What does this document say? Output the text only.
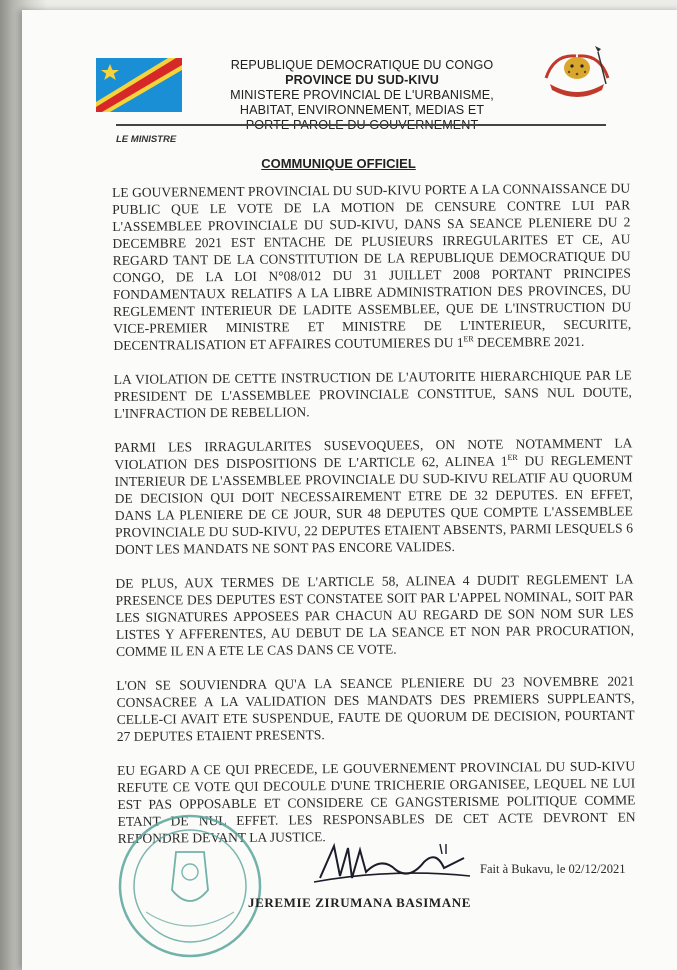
REPUBLIQUE DEMOCRATIQUE DU CONGO
PROVINCE DU SUD-KIVU
MINISTERE PROVINCIAL DE L'URBANISME,
HABITAT, ENVIRONNEMENT, MEDIAS ET
LE MINISTRE
COMMUNIQUE OFFICIEL

LE GOUVERNEMENT PROVINCIAL DU SUD-KIVU PORTE A LA CONNAISSANCE DU PUBLIC QUE LE VOTE DE LA MOTION DE CENSURE CONTRE LUI PAR L'ASSEMBLEE PROVINCIALE DU SUD-KIVU, DANS SA SEANCE PLENIERE DU 2 DECEMBRE 2021 EST ENTACHE DE PLUSIEURS IRREGULARITES ET CE, AU REGARD TANT DE LA CONSTITUTION DE LA REPUBLIQUE DEMOCRATIQUE DU CONGO, DE LA LOI N°08/012 DU 31 JUILLET 2008 PORTANT PRINCIPES FONDAMENTAUX RELATIFS A LA LIBRE ADMINISTRATION DES PROVINCES, DU REGLEMENT INTERIEUR DE LADITE ASSEMBLEE, QUE DE L'INSTRUCTION DU VICE-PREMIER MINISTRE ET MINISTRE DE L'INTERIEUR, SECURITE, DECENTRALISATION ET AFFAIRES COUTUMIERES DU 1ER DECEMBRE 2021.

LA VIOLATION DE CETTE INSTRUCTION DE L'AUTORITE HIERARCHIQUE PAR LE PRESIDENT DE L'ASSEMBLEE PROVINCIALE CONSTITUE, SANS NUL DOUTE, L'INFRACTION DE REBELLION.

PARMI LES IRRAGULARITES SUSEVOQUEES, ON NOTE NOTAMMENT LA VIOLATION DES DISPOSITIONS DE L'ARTICLE 62, ALINEA 1ER DU REGLEMENT INTERIEUR DE L'ASSEMBLEE PROVINCIALE DU SUD-KIVU RELATIF AU QUORUM DE DECISION QUI DOIT NECESSAIREMENT ETRE DE 32 DEPUTES. EN EFFET, DANS LA PLENIERE DE CE JOUR, SUR 48 DEPUTES QUE COMPTE L'ASSEMBLEE PROVINCIALE DU SUD-KIVU, 22 DEPUTES ETAIENT ABSENTS, PARMI LESQUELS 6 DONT LES MANDATS NE SONT PAS ENCORE VALIDES.

DE PLUS, AUX TERMES DE L'ARTICLE 58, ALINEA 4 DUDIT REGLEMENT LA PRESENCE DES DEPUTES EST CONSTATEE SOIT PAR L'APPEL NOMINAL, SOIT PAR LES SIGNATURES APPOSEES PAR CHACUN AU REGARD DE SON NOM SUR LES LISTES Y AFFERENTES, AU DEBUT DE LA SEANCE ET NON PAR PROCURATION, COMME IL EN A ETE LE CAS DANS CE VOTE.

L'ON SE SOUVIENDRA QU'A LA SEANCE PLENIERE DU 23 NOVEMBRE 2021 CONSACREE A LA VALIDATION DES MANDATS DES PREMIERS SUPPLEANTS, CELLE-CI AVAIT ETE SUSPENDUE, FAUTE DE QUORUM DE DECISION, POURTANT 27 DEPUTES ETAIENT PRESENTS.

EU EGARD A CE QUI PRECEDE, LE GOUVERNEMENT PROVINCIAL DU SUD-KIVU REFUTE CE VOTE QUI DECOULE D'UNE TRICHERIE ORGANISEE, LEQUEL NE LUI EST PAS OPPOSABLE ET CONSIDERE CE GANGSTERISME POLITIQUE COMME ETANT DE NUL EFFET. LES RESPONSABLES DE CET ACTE DEVRONT EN REPONDRE DEVANT LA JUSTICE.

Fait à Bukavu, le 02/12/2021
JEREMIE ZIRUMANA BASIMANE
